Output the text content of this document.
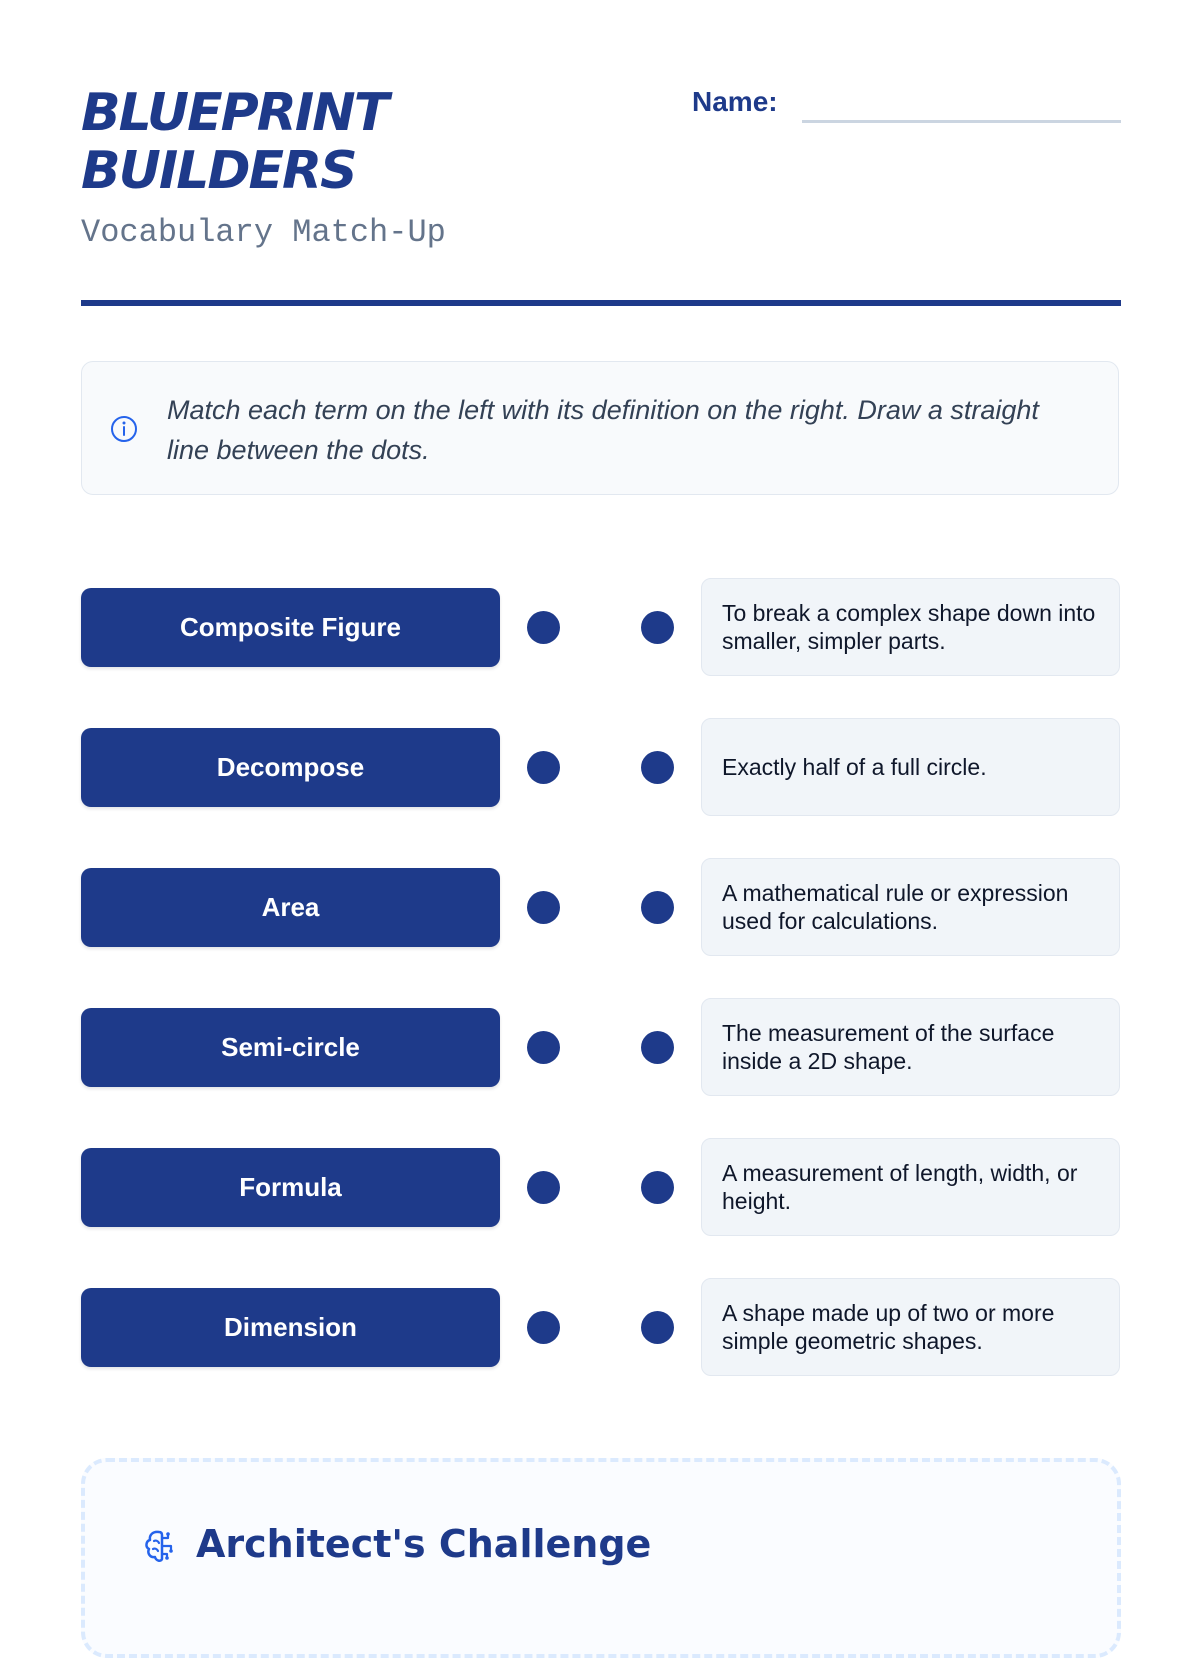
BLUEPRINT
BUILDERS
Vocabulary Match-Up
Name:
Match each term on the left with its definition on the right. Draw a straight line between the dots.
Composite Figure	To break a complex shape down into smaller, simpler parts.
Decompose	Exactly half of a full circle.
Area	A mathematical rule or expression used for calculations.
Semi-circle	The measurement of the surface inside a 2D shape.
Formula	A measurement of length, width, or height.
Dimension	A shape made up of two or more simple geometric shapes.
Architect's Challenge
